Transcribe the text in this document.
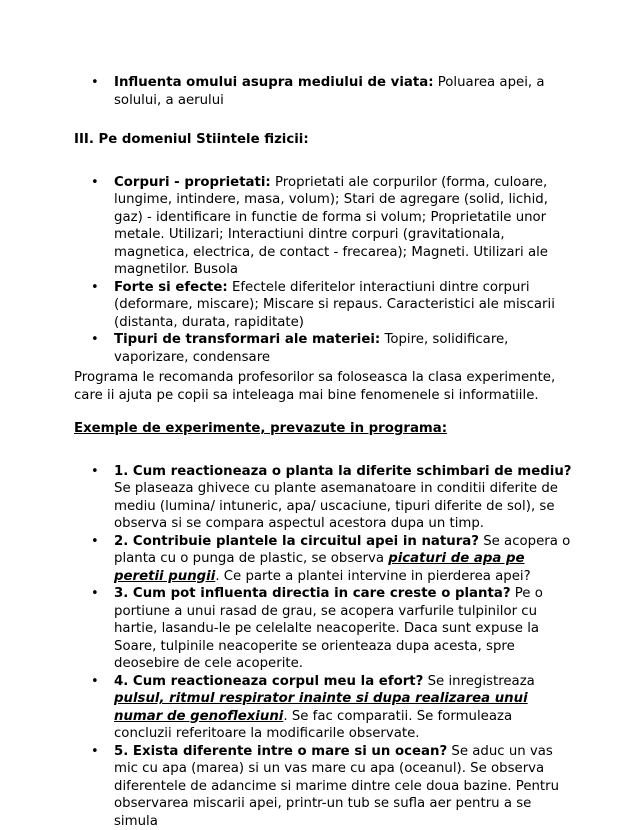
• Influenta omului asupra mediului de viata: Poluarea apei, a solului, a aerului
III. Pe domeniul Stiintele fizicii:
• Corpuri - proprietati: Proprietati ale corpurilor (forma, culoare, lungime, intindere, masa, volum); Stari de agregare (solid, lichid, gaz) - identificare in functie de forma si volum; Proprietatile unor metale. Utilizari; Interactiuni dintre corpuri (gravitationala, magnetica, electrica, de contact - frecarea); Magneti. Utilizari ale magnetilor. Busola
• Forte si efecte: Efectele diferitelor interactiuni dintre corpuri (deformare, miscare); Miscare si repaus. Caracteristici ale miscarii (distanta, durata, rapiditate)
• Tipuri de transformari ale materiei: Topire, solidificare, vaporizare, condensare

Programa le recomanda profesorilor sa foloseasca la clasa experimente, care ii ajuta pe copii sa inteleaga mai bine fenomenele si informatiile.

Exemple de experimente, prevazute in programa:
• 1. Cum reactioneaza o planta la diferite schimbari de mediu? Se plaseaza ghivece cu plante asemanatoare in conditii diferite de mediu (lumina/ intuneric, apa/ uscaciune, tipuri diferite de sol), se observa si se compara aspectul acestora dupa un timp.
• 2. Contribuie plantele la circuitul apei in natura? Se acopera o planta cu o punga de plastic, se observa picaturi de apa pe peretii pungii. Ce parte a plantei intervine in pierderea apei?
• 3. Cum pot influenta directia in care creste o planta? Pe o portiune a unui rasad de grau, se acopera varfurile tulpinilor cu hartie, lasandu-le pe celelalte neacoperite. Daca sunt expuse la Soare, tulpinile neacoperite se orienteaza dupa acesta, spre deosebire de cele acoperite.
• 4. Cum reactioneaza corpul meu la efort? Se inregistreaza pulsul, ritmul respirator inainte si dupa realizarea unui numar de genoflexiuni. Se fac comparatii. Se formuleaza concluzii referitoare la modificarile observate.
• 5. Exista diferente intre o mare si un ocean? Se aduc un vas mic cu apa (marea) si un vas mare cu apa (oceanul). Se observa diferentele de adancime si marime dintre cele doua bazine. Pentru observarea miscarii apei, printr-un tub se sufla aer pentru a se simula
